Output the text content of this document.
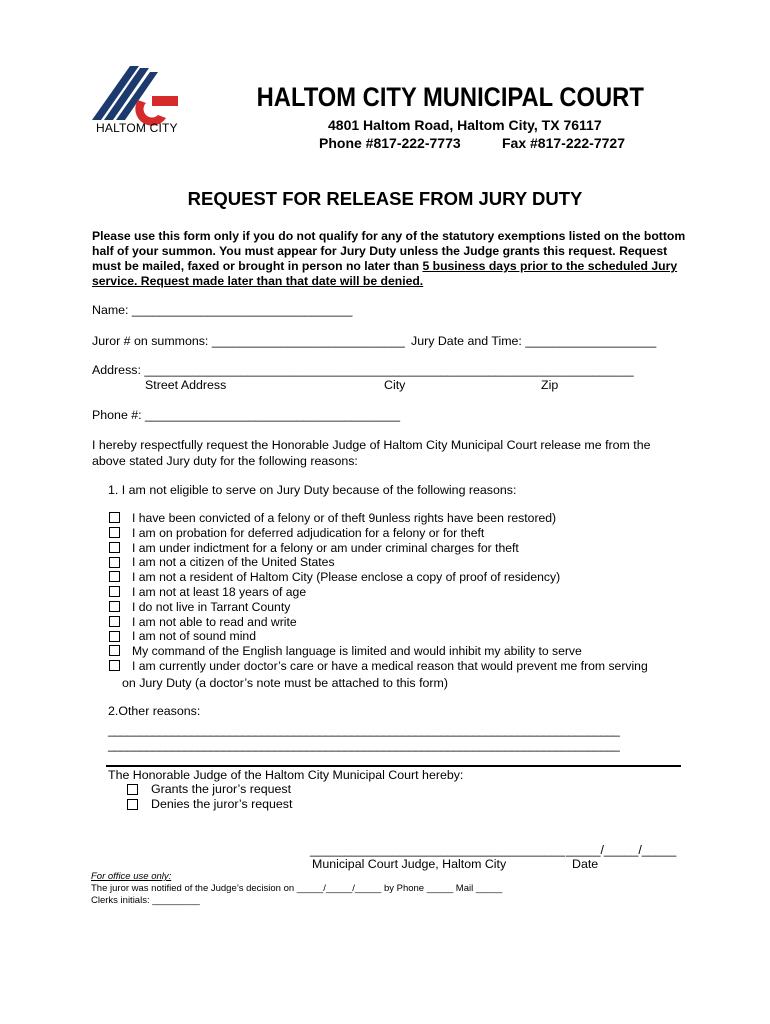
HALTOM CITY
HALTOM CITY MUNICIPAL COURT
4801 Haltom Road, Haltom City, TX 76117
Phone #817-222-7773	Fax #817-222-7727
REQUEST FOR RELEASE FROM JURY DUTY
Please use this form only if you do not qualify for any of the statutory exemptions listed on the bottom half of your summon. You must appear for Jury Duty unless the Judge grants this request. Request must be mailed, faxed or brought in person no later than 5 business days prior to the scheduled Jury service. Request made later than that date will be denied.
Name: ________________________________
Juror # on summons: ____________________________ Jury Date and Time: ___________________
Address: _______________________________________________________________________
Street Address	City	Zip
Phone #: _____________________________________
I hereby respectfully request the Honorable Judge of Haltom City Municipal Court release me from the above stated Jury duty for the following reasons:
1. I am not eligible to serve on Jury Duty because of the following reasons:
I have been convicted of a felony or of theft 9unless rights have been restored)
I am on probation for deferred adjudication for a felony or for theft
I am under indictment for a felony or am under criminal charges for theft
I am not a citizen of the United States
I am not a resident of Haltom City (Please enclose a copy of proof of residency)
I am not at least 18 years of age
I do not live in Tarrant County
I am not able to read and write
I am not of sound mind
My command of the English language is limited and would inhibit my ability to serve
I am currently under doctor’s care or have a medical reason that would prevent me from serving
on Jury Duty (a doctor’s note must be attached to this form)
2.Other reasons:
________________________________________________________________________________
________________________________________________________________________________
The Honorable Judge of the Haltom City Municipal Court hereby:
Grants the juror’s request
Denies the juror’s request
_____________________________________
Municipal Court Judge, Haltom City
_____/_____/_____
Date
For office use only:
The juror was notified of the Judge’s decision on _____/_____/_____ by Phone _____ Mail _____
Clerks initials: _________
